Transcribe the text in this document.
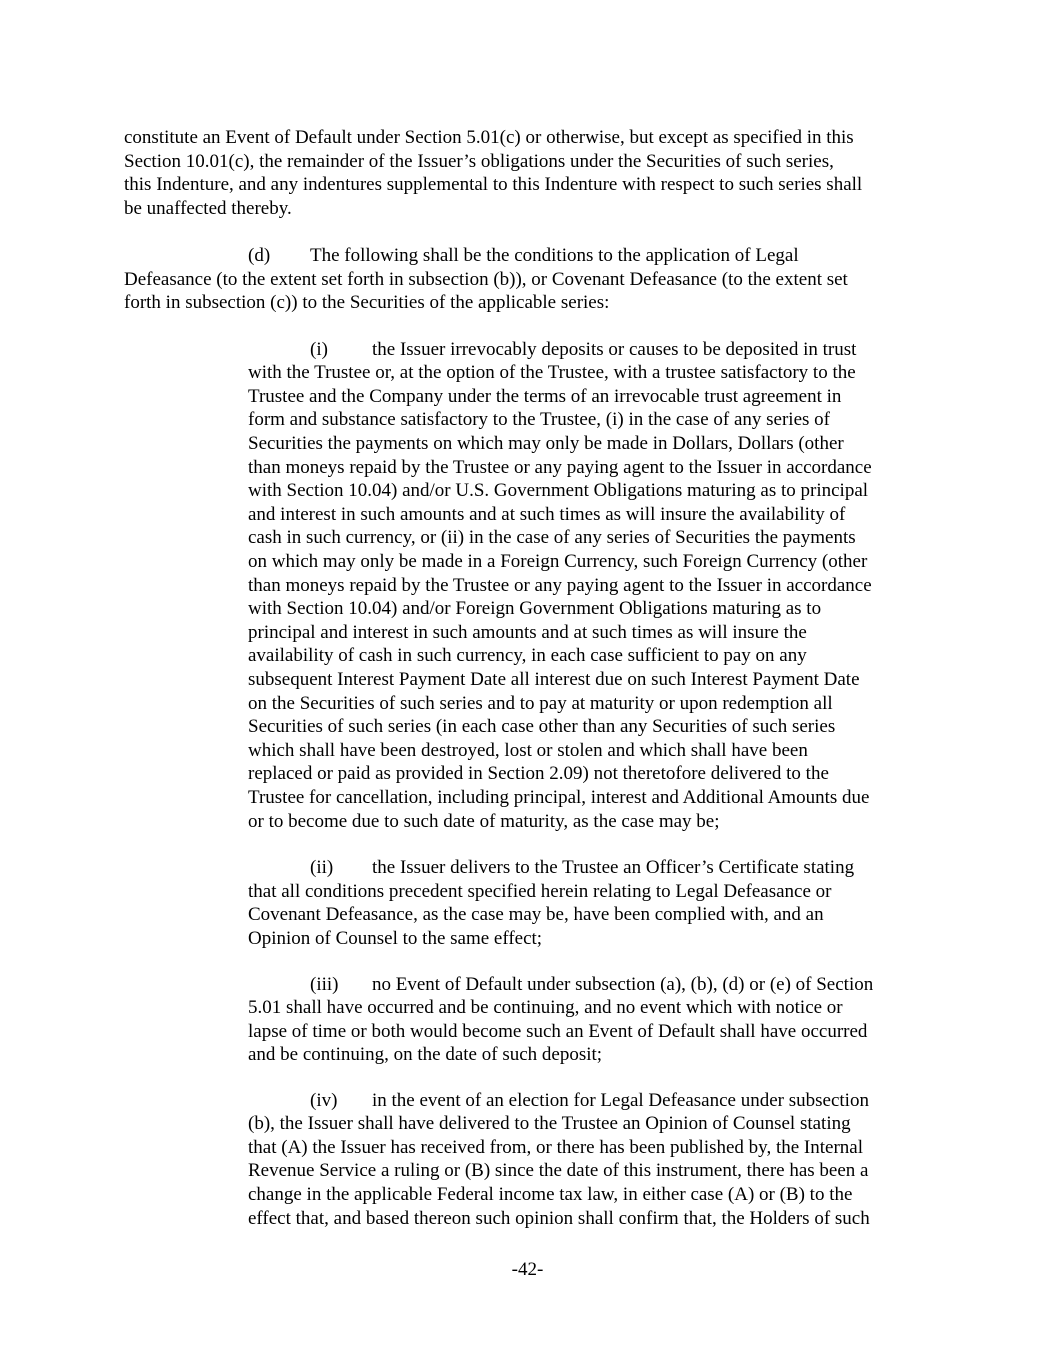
constitute an Event of Default under Section 5.01(c) or otherwise, but except as specified in this
Section 10.01(c), the remainder of the Issuer’s obligations under the Securities of such series,
this Indenture, and any indentures supplemental to this Indenture with respect to such series shall
be unaffected thereby.
(d) The following shall be the conditions to the application of Legal
Defeasance (to the extent set forth in subsection (b)), or Covenant Defeasance (to the extent set
forth in subsection (c)) to the Securities of the applicable series:
(i) the Issuer irrevocably deposits or causes to be deposited in trust
with the Trustee or, at the option of the Trustee, with a trustee satisfactory to the
Trustee and the Company under the terms of an irrevocable trust agreement in
form and substance satisfactory to the Trustee, (i) in the case of any series of
Securities the payments on which may only be made in Dollars, Dollars (other
than moneys repaid by the Trustee or any paying agent to the Issuer in accordance
with Section 10.04) and/or U.S. Government Obligations maturing as to principal
and interest in such amounts and at such times as will insure the availability of
cash in such currency, or (ii) in the case of any series of Securities the payments
on which may only be made in a Foreign Currency, such Foreign Currency (other
than moneys repaid by the Trustee or any paying agent to the Issuer in accordance
with Section 10.04) and/or Foreign Government Obligations maturing as to
principal and interest in such amounts and at such times as will insure the
availability of cash in such currency, in each case sufficient to pay on any
subsequent Interest Payment Date all interest due on such Interest Payment Date
on the Securities of such series and to pay at maturity or upon redemption all
Securities of such series (in each case other than any Securities of such series
which shall have been destroyed, lost or stolen and which shall have been
replaced or paid as provided in Section 2.09) not theretofore delivered to the
Trustee for cancellation, including principal, interest and Additional Amounts due
or to become due to such date of maturity, as the case may be;
(ii) the Issuer delivers to the Trustee an Officer’s Certificate stating
that all conditions precedent specified herein relating to Legal Defeasance or
Covenant Defeasance, as the case may be, have been complied with, and an
Opinion of Counsel to the same effect;
(iii) no Event of Default under subsection (a), (b), (d) or (e) of Section
5.01 shall have occurred and be continuing, and no event which with notice or
lapse of time or both would become such an Event of Default shall have occurred
and be continuing, on the date of such deposit;
(iv) in the event of an election for Legal Defeasance under subsection
(b), the Issuer shall have delivered to the Trustee an Opinion of Counsel stating
that (A) the Issuer has received from, or there has been published by, the Internal
Revenue Service a ruling or (B) since the date of this instrument, there has been a
change in the applicable Federal income tax law, in either case (A) or (B) to the
effect that, and based thereon such opinion shall confirm that, the Holders of such
-42-
